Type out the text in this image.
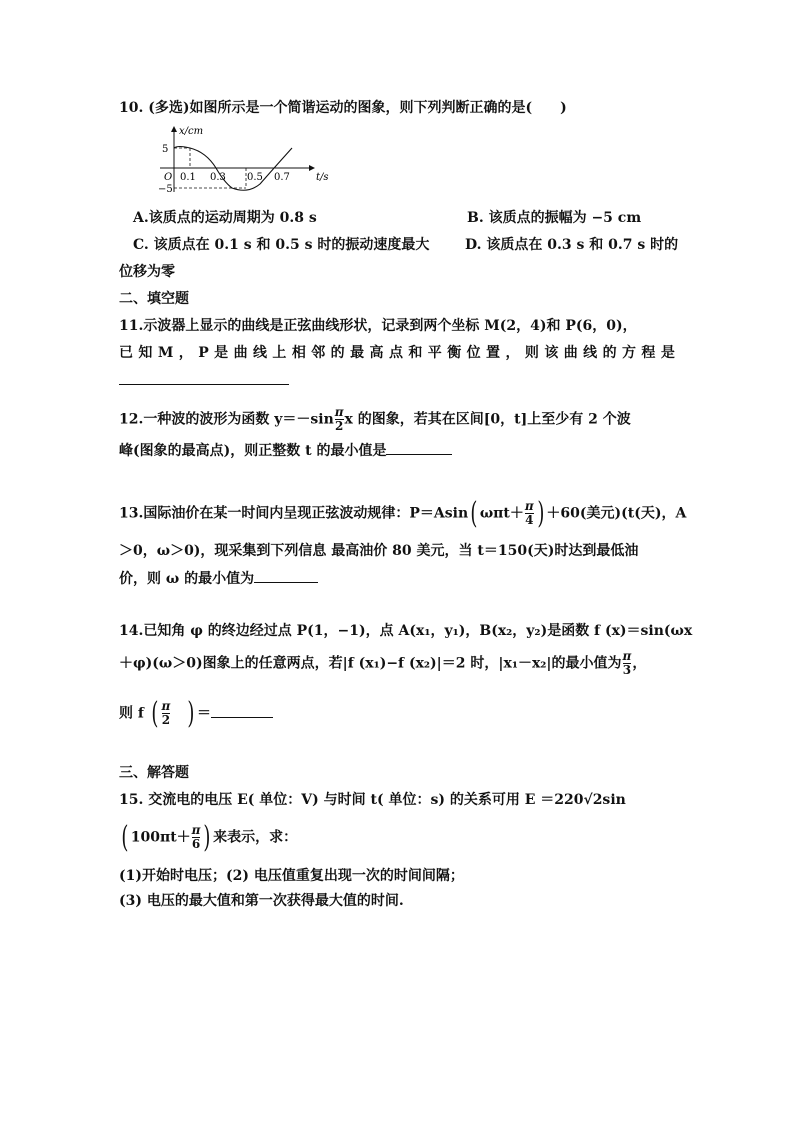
10. (多选)如图所示是一个简谐运动的图象，则下列判断正确的是(　　)
x/cm
5
O
−5
0.1 0.3 0.5 0.7	t/s
A.该质点的运动周期为 0.8 s	B. 该质点的振幅为 −5 cm
C. 该质点在 0.1 s 和 0.5 s 时的振动速度最大	D. 该质点在 0.3 s 和 0.7 s 时的
位移为零
二、填空题
11.示波器上显示的曲线是正弦曲线形状，记录到两个坐标 M(2，4)和 P(6，0)，
已 知 M ， P 是 曲 线 上 相 邻 的 最 高 点 和 平 衡 位 置 ， 则 该 曲 线 的 方 程 是
12.一种波的波形为函数 $y=-\sin \frac{\pi}{2}$ x 的图象，若其在区间[0，t]上至少有 2 个波
峰(图象的最高点)，则正整数 t 的最小值是
13.国际油价在某一时间内呈现正弦波动规律：P＝Asin( $\omega\pi t+ \frac{\pi}{4}$ ) ＋60(美元)(t(天)，A
＞0，ω＞0)，现采集到下列信息 最高油价 80 美元，当 t＝150(天)时达到最低油
价，则 ω 的最小值为
14.已知角 φ 的终边经过点 P(1，−1)，点 A(x₁，y₁)，B(x₂，y₂)是函数 f (x)＝sin(ωx
＋φ)(ω＞0)图象上的任意两点，若|f (x₁)−f (x₂)|＝2 时，|x₁－x₂|的最小值为 $\frac{\pi}{3}$ ，
则 f ( $\frac{\pi}{2}$ ) ＝
三、解答题
15. 交流电的电压 E( 单位：V) 与时间 t( 单位：s) 的关系可用 E ＝220√2sin
( $100\pi t+ \frac{\pi}{6}$ ) 来表示，求：
(1)开始时电压；(2) 电压值重复出现一次的时间间隔；
(3) 电压的最大值和第一次获得最大值的时间.
